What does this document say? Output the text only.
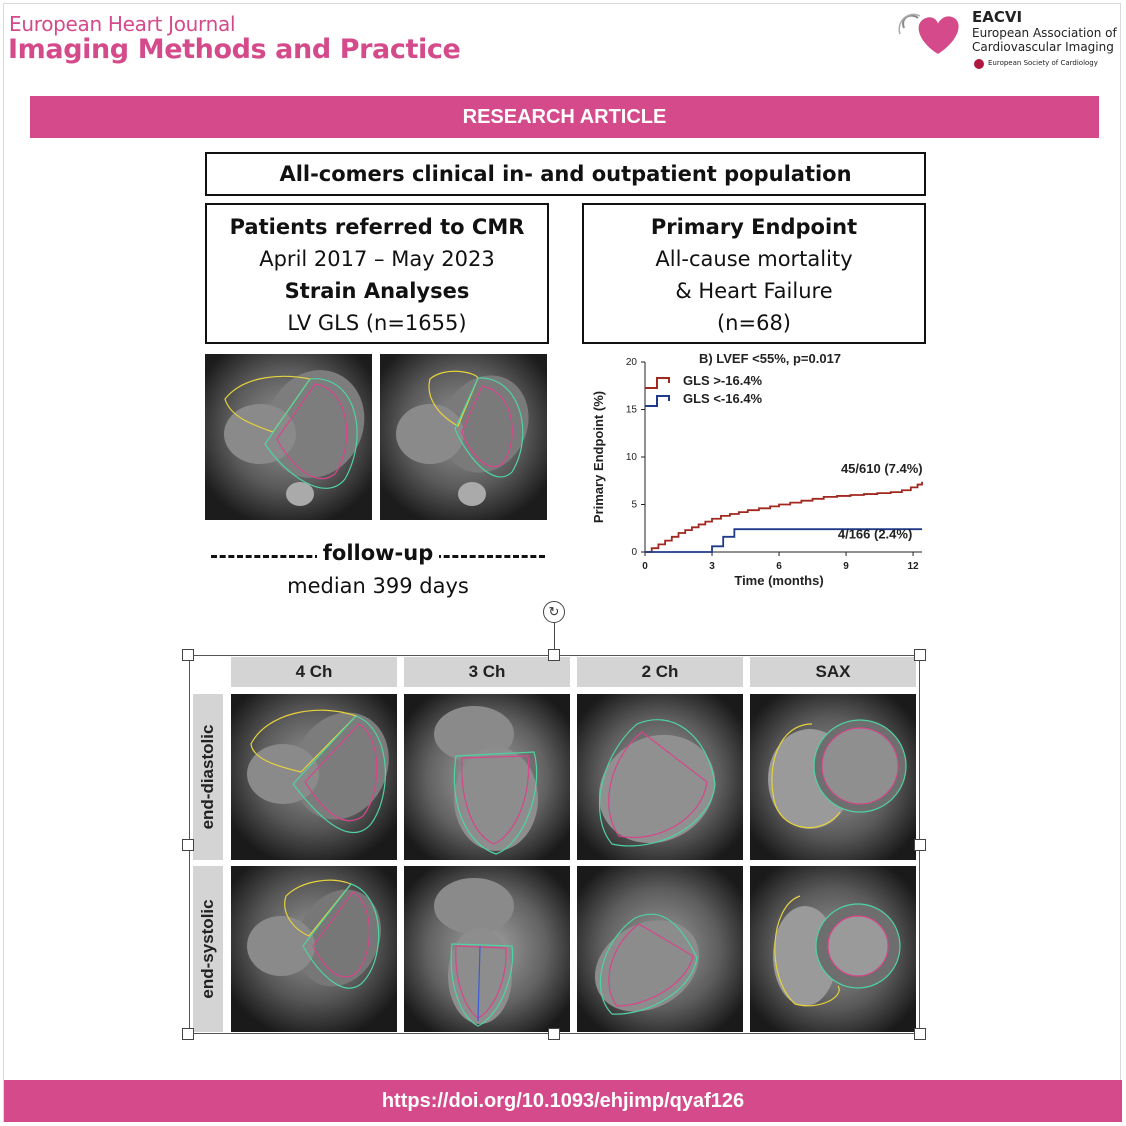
European Heart Journal
Imaging Methods and Practice
EACVI
European Association of
Cardiovascular Imaging
European Society of Cardiology
RESEARCH ARTICLE
All-comers clinical in- and outpatient population
Patients referred to CMR
April 2017 – May 2023
Strain Analyses
LV GLS (n=1655)
Primary Endpoint
All-cause mortality
& Heart Failure
(n=68)
follow-up
median 399 days
0	3	6	9	12
0
5
10
15
20
Time (months)
Primary Endpoint (%)
B) LVEF <55%, p=0.017
GLS >-16.4%
GLS <-16.4%
45/610 (7.4%)
4/166 (2.4%)
↻
4 Ch	3 Ch	2 Ch	SAX
end-diastolic
end-systolic
https://doi.org/10.1093/ehjimp/qyaf126
